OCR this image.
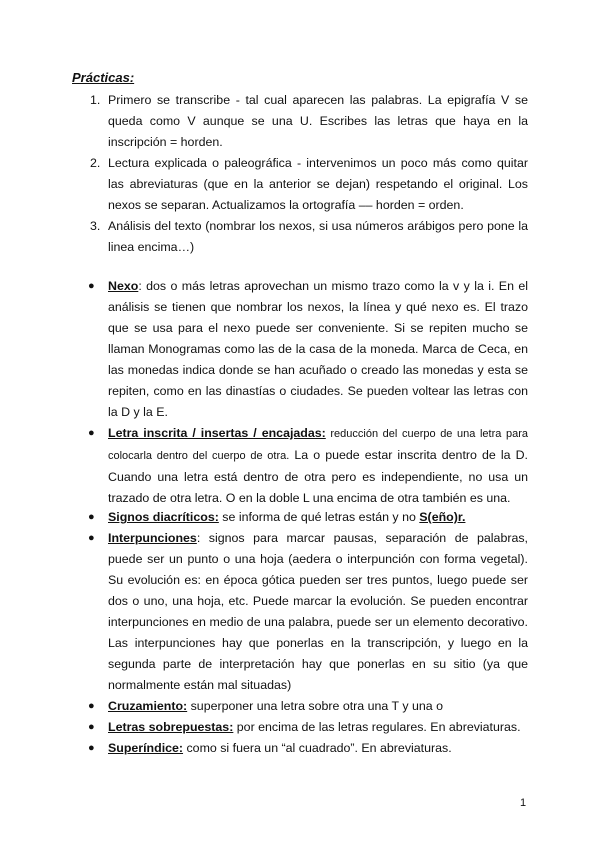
Prácticas:
1. Primero se transcribe - tal cual aparecen las palabras. La epigrafía V se queda como V aunque se una U. Escribes las letras que haya en la inscripción = horden.
2. Lectura explicada o paleográfica - intervenimos un poco más como quitar las abreviaturas (que en la anterior se dejan) respetando el original. Los nexos se separan. Actualizamos la ortografía –– horden = orden.
3. Análisis del texto (nombrar los nexos, si usa números arábigos pero pone la linea encima…)
● Nexo: dos o más letras aprovechan un mismo trazo como la v y la i. En el análisis se tienen que nombrar los nexos, la línea y qué nexo es. El trazo que se usa para el nexo puede ser conveniente. Si se repiten mucho se llaman Monogramas como las de la casa de la moneda. Marca de Ceca, en las monedas indica donde se han acuñado o creado las monedas y esta se repiten, como en las dinastías o ciudades. Se pueden voltear las letras con la D y la E.
● Letra inscrita / insertas / encajadas: reducción del cuerpo de una letra para colocarla dentro del cuerpo de otra. La o puede estar inscrita dentro de la D. Cuando una letra está dentro de otra pero es independiente, no usa un trazado de otra letra. O en la doble L una encima de otra también es una.
● Signos diacríticos: se informa de qué letras están y no S(eño)r.
● Interpunciones: signos para marcar pausas, separación de palabras, puede ser un punto o una hoja (aedera o interpunción con forma vegetal). Su evolución es: en época gótica pueden ser tres puntos, luego puede ser dos o uno, una hoja, etc. Puede marcar la evolución. Se pueden encontrar interpunciones en medio de una palabra, puede ser un elemento decorativo. Las interpunciones hay que ponerlas en la transcripción, y luego en la segunda parte de interpretación hay que ponerlas en su sitio (ya que normalmente están mal situadas)
● Cruzamiento: superponer una letra sobre otra una T y una o
● Letras sobrepuestas: por encima de las letras regulares. En abreviaturas.
● Superíndice: como si fuera un “al cuadrado”. En abreviaturas.
1
